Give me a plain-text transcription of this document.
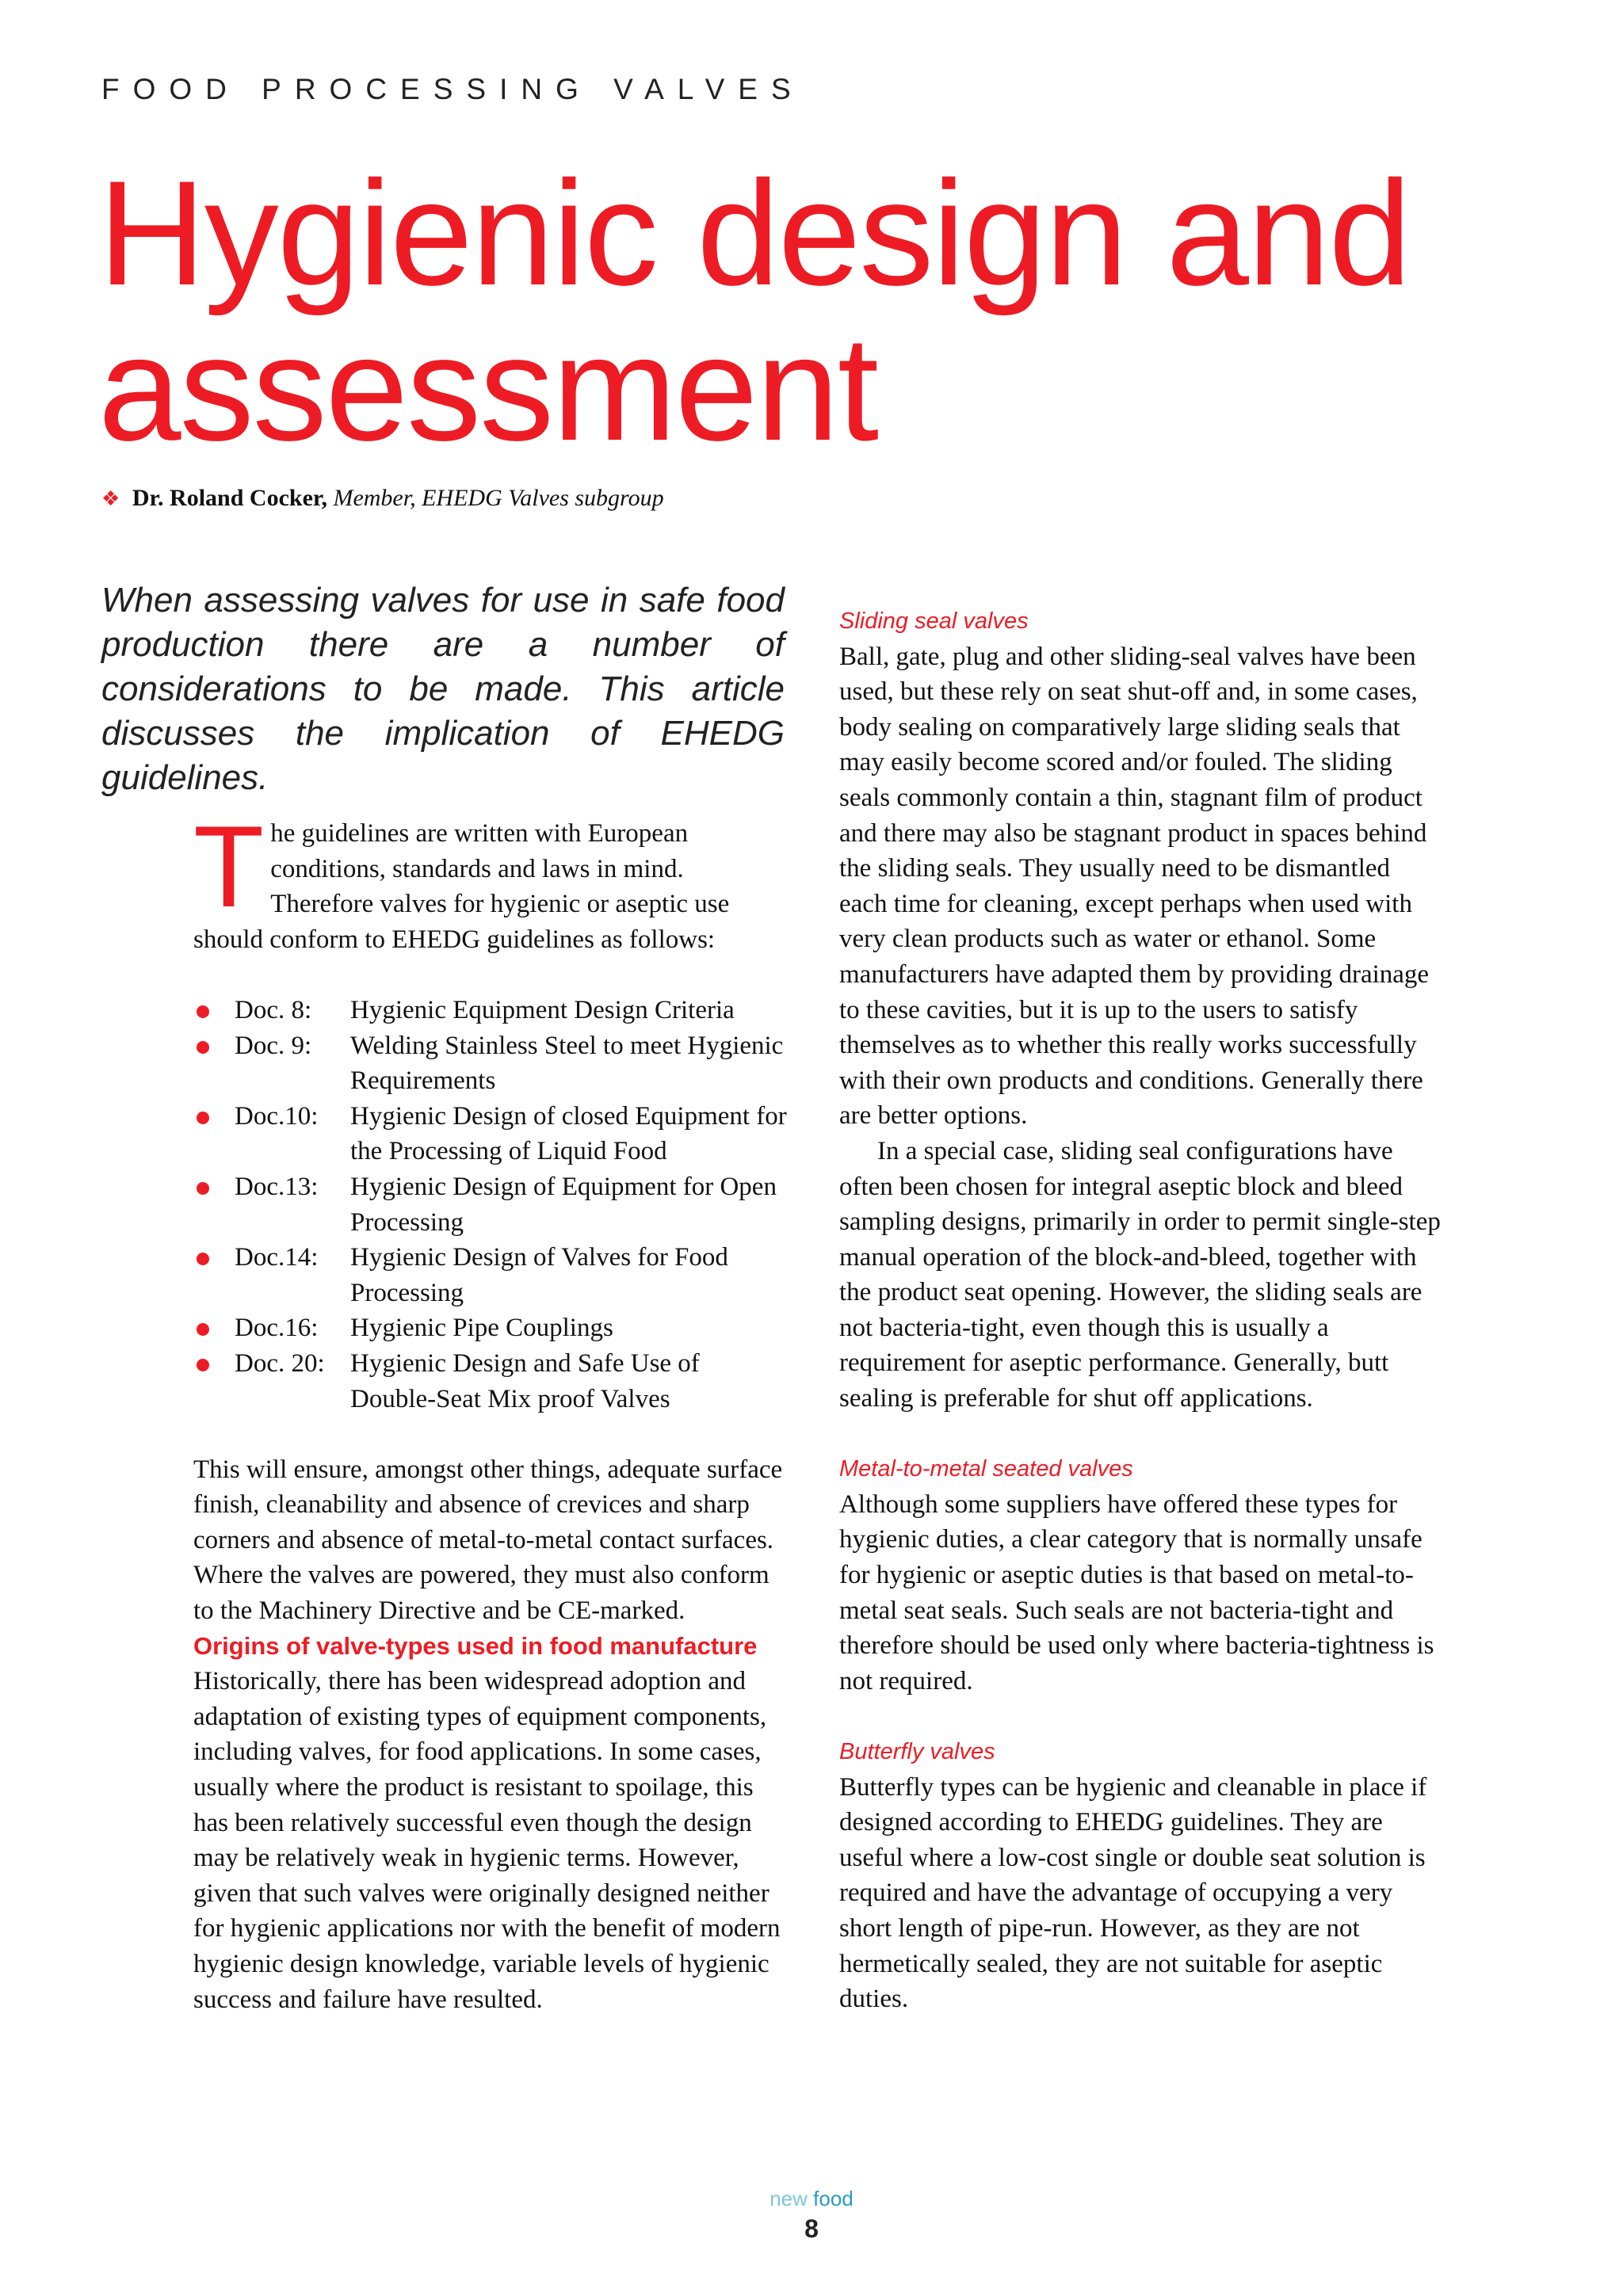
FOOD PROCESSING VALVES
Hygienic design and
assessment
❖ Dr. Roland Cocker, Member, EHEDG Valves subgroup

When assessing valves for use in safe food production there are a number of considerations to be made. This article discusses the implication of EHEDG guidelines.

The guidelines are written with European conditions, standards and laws in mind. Therefore valves for hygienic or aseptic use should conform to EHEDG guidelines as follows:

Doc. 8:	Hygienic Equipment Design Criteria
Doc. 9:	Welding Stainless Steel to meet Hygienic Requirements
Doc.10:	Hygienic Design of closed Equipment for the Processing of Liquid Food
Doc.13:	Hygienic Design of Equipment for Open Processing
Doc.14:	Hygienic Design of Valves for Food Processing
Doc.16:	Hygienic Pipe Couplings
Doc. 20: Hygienic Design and Safe Use of Double-Seat Mix proof Valves

This will ensure, amongst other things, adequate surface finish, cleanability and absence of crevices and sharp corners and absence of metal-to-metal contact surfaces. Where the valves are powered, they must also conform to the Machinery Directive and be CE-marked.

Origins of valve-types used in food manufacture

Historically, there has been widespread adoption and adaptation of existing types of equipment components, including valves, for food applications. In some cases, usually where the product is resistant to spoilage, this has been relatively successful even though the design may be relatively weak in hygienic terms. However, given that such valves were originally designed neither for hygienic applications nor with the benefit of modern hygienic design knowledge, variable levels of hygienic success and failure have resulted.

Sliding seal valves

Ball, gate, plug and other sliding-seal valves have been used, but these rely on seat shut-off and, in some cases, body sealing on comparatively large sliding seals that may easily become scored and/or fouled. The sliding seals commonly contain a thin, stagnant film of product and there may also be stagnant product in spaces behind the sliding seals. They usually need to be dismantled each time for cleaning, except perhaps when used with very clean products such as water or ethanol. Some manufacturers have adapted them by providing drainage to these cavities, but it is up to the users to satisfy themselves as to whether this really works successfully with their own products and conditions. Generally there are better options.

In a special case, sliding seal configurations have often been chosen for integral aseptic block and bleed sampling designs, primarily in order to permit single-step manual operation of the block-and-bleed, together with the product seat opening. However, the sliding seals are not bacteria-tight, even though this is usually a requirement for aseptic performance. Generally, butt sealing is preferable for shut off applications.

Metal-to-metal seated valves

Although some suppliers have offered these types for hygienic duties, a clear category that is normally unsafe for hygienic or aseptic duties is that based on metal-to-metal seat seals. Such seals are not bacteria-tight and therefore should be used only where bacteria-tightness is not required.

Butterfly valves

Butterfly types can be hygienic and cleanable in place if designed according to EHEDG guidelines. They are useful where a low-cost single or double seat solution is required and have the advantage of occupying a very short length of pipe-run. However, as they are not hermetically sealed, they are not suitable for aseptic duties.

new food
8
